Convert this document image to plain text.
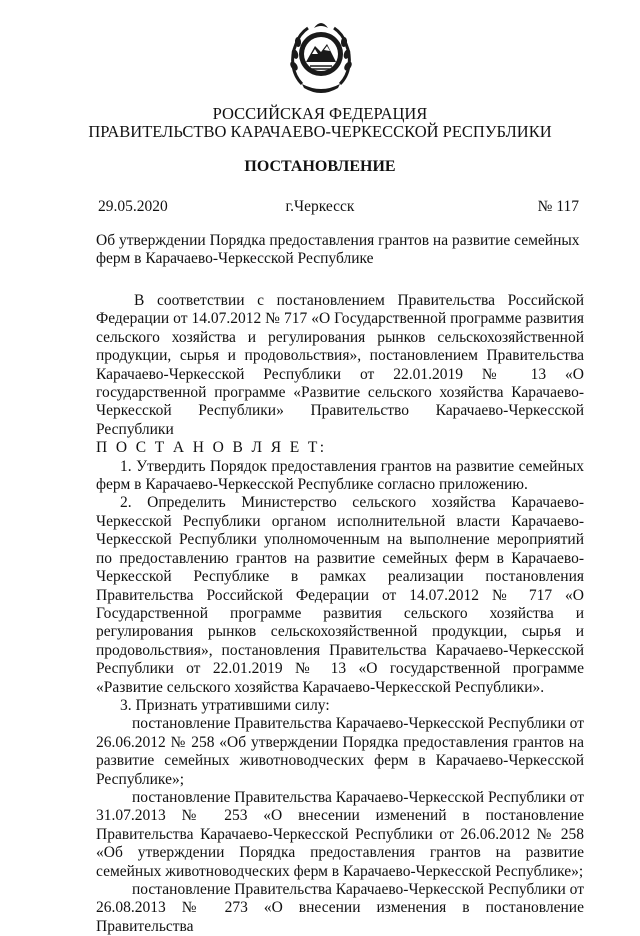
РОССИЙСКАЯ ФЕДЕРАЦИЯ
ПРАВИТЕЛЬСТВО КАРАЧАЕВО-ЧЕРКЕССКОЙ РЕСПУБЛИКИ
ПОСТАНОВЛЕНИЕ
29.05.2020	г.Черкесск	№ 117
Об утверждении Порядка предоставления грантов на развитие семейных ферм в Карачаево-Черкесской Республике

В соответствии с постановлением Правительства Российской Федерации от 14.07.2012 № 717 «О Государственной программе развития сельского хозяйства и регулирования рынков сельскохозяйственной продукции, сырья и продовольствия», постановлением Правительства Карачаево-Черкесской Республики от 22.01.2019 № 13 «О государственной программе «Развитие сельского хозяйства Карачаево-Черкесской Республики» Правительство Карачаево-Черкесской Республики

П О С Т А Н О В Л Я Е Т:

1. Утвердить Порядок предоставления грантов на развитие семейных ферм в Карачаево-Черкесской Республике согласно приложению.

2. Определить Министерство сельского хозяйства Карачаево-Черкесской Республики органом исполнительной власти Карачаево-Черкесской Республики уполномоченным на выполнение мероприятий по предоставлению грантов на развитие семейных ферм в Карачаево-Черкесской Республике в рамках реализации постановления Правительства Российской Федерации от 14.07.2012 № 717 «О Государственной программе развития сельского хозяйства и регулирования рынков сельскохозяйственной продукции, сырья и продовольствия», постановления Правительства Карачаево-Черкесской Республики от 22.01.2019 № 13 «О государственной программе «Развитие сельского хозяйства Карачаево-Черкесской Республики».

3. Признать утратившими силу:

постановление Правительства Карачаево-Черкесской Республики от 26.06.2012 № 258 «Об утверждении Порядка предоставления грантов на развитие семейных животноводческих ферм в Карачаево-Черкесской Республике»;

постановление Правительства Карачаево-Черкесской Республики от 31.07.2013 № 253 «О внесении изменений в постановление Правительства Карачаево-Черкесской Республики от 26.06.2012 № 258 «Об утверждении Порядка предоставления грантов на развитие семейных животноводческих ферм в Карачаево-Черкесской Республике»;

постановление Правительства Карачаево-Черкесской Республики от 26.08.2013 № 273 «О внесении изменения в постановление Правительства
